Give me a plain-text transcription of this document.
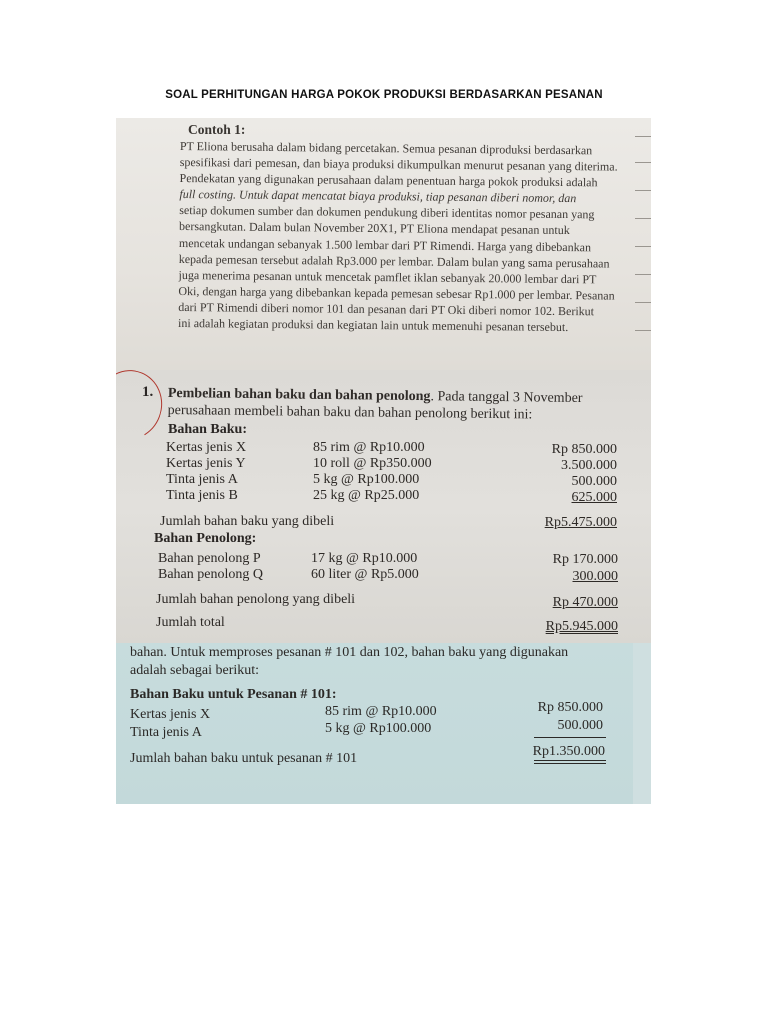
SOAL PERHITUNGAN HARGA POKOK PRODUKSI BERDASARKAN PESANAN
Contoh 1:
PT Eliona berusaha dalam bidang percetakan. Semua pesanan diproduksi berdasarkan
spesifikasi dari pemesan, dan biaya produksi dikumpulkan menurut pesanan yang diterima.
Pendekatan yang digunakan perusahaan dalam penentuan harga pokok produksi adalah
full costing. Untuk dapat mencatat biaya produksi, tiap pesanan diberi nomor, dan
setiap dokumen sumber dan dokumen pendukung diberi identitas nomor pesanan yang
bersangkutan. Dalam bulan November 20X1, PT Eliona mendapat pesanan untuk
mencetak undangan sebanyak 1.500 lembar dari PT Rimendi. Harga yang dibebankan
kepada pemesan tersebut adalah Rp3.000 per lembar. Dalam bulan yang sama perusahaan
juga menerima pesanan untuk mencetak pamflet iklan sebanyak 20.000 lembar dari PT
Oki, dengan harga yang dibebankan kepada pemesan sebesar Rp1.000 per lembar. Pesanan
dari PT Rimendi diberi nomor 101 dan pesanan dari PT Oki diberi nomor 102. Berikut
ini adalah kegiatan produksi dan kegiatan lain untuk memenuhi pesanan tersebut.
1. Pembelian bahan baku dan bahan penolong. Pada tanggal 3 November perusahaan membeli bahan baku dan bahan penolong berikut ini:
Bahan Baku:
Kertas jenis X	85 rim @ Rp10.000	Rp 850.000
Kertas jenis Y	10 roll @ Rp350.000	3.500.000
Tinta jenis A	5 kg @ Rp100.000	500.000
Tinta jenis B	25 kg @ Rp25.000	625.000
Jumlah bahan baku yang dibeli	Rp5.475.000
Bahan Penolong:
Bahan penolong P	17 kg @ Rp10.000	Rp 170.000
Bahan penolong Q	60 liter @ Rp5.000	300.000
Jumlah bahan penolong yang dibeli	Rp 470.000
Jumlah total	Rp5.945.000
bahan. Untuk memproses pesanan # 101 dan 102, bahan baku yang digunakan
adalah sebagai berikut:
Bahan Baku untuk Pesanan # 101:
Kertas jenis X	85 rim @ Rp10.000	Rp 850.000
Tinta jenis A	5 kg @ Rp100.000	500.000
Jumlah bahan baku untuk pesanan # 101	Rp1.350.000
